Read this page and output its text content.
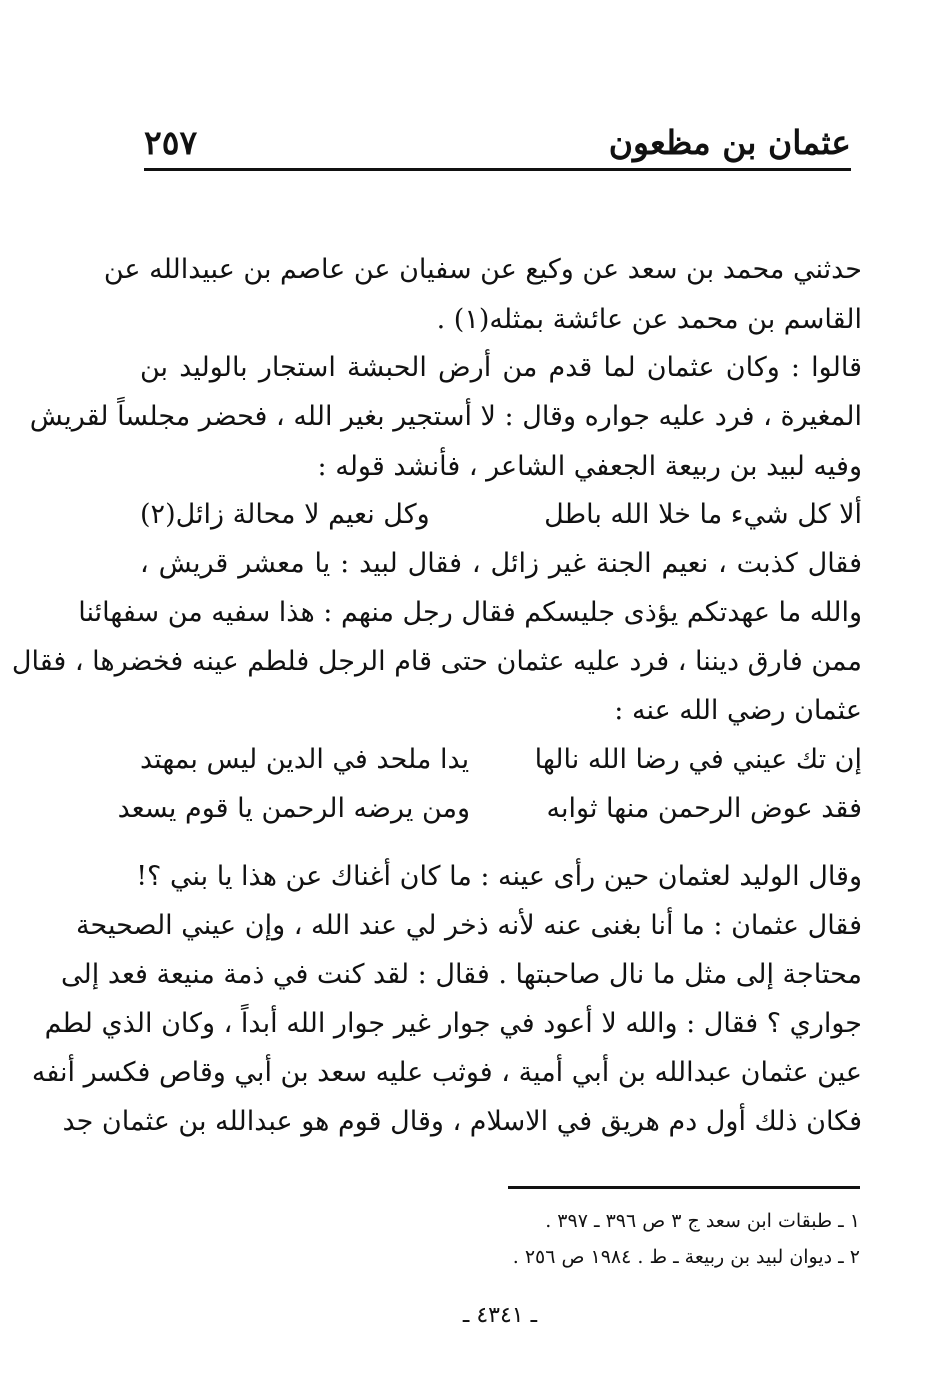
عثمان بن مظعون
٢٥٧
حدثني محمد بن سعد عن وكيع عن سفيان عن عاصم بن عبيدالله عن
القاسم بن محمد عن عائشة بمثله(١) .
قالوا : وكان عثمان لما قدم من أرض الحبشة استجار بالوليد بن
المغيرة ، فرد عليه جواره وقال : لا أستجير بغير الله ، فحضر مجلساً لقريش
وفيه لبيد بن ربيعة الجعفي الشاعر ، فأنشد قوله :
ألا كل شيء ما خلا الله باطل
وكل نعيم لا محالة زائل(٢)
فقال كذبت ، نعيم الجنة غير زائل ، فقال لبيد : يا معشر قريش ،
والله ما عهدتكم يؤذى جليسكم فقال رجل منهم : هذا سفيه من سفهائنا
ممن فارق ديننا ، فرد عليه عثمان حتى قام الرجل فلطم عينه فخضرها ، فقال
عثمان رضي الله عنه :
إن تك عيني في رضا الله نالها
يدا ملحد في الدين ليس بمهتد
فقد عوض الرحمن منها ثوابه
ومن يرضه الرحمن يا قوم يسعد
وقال الوليد لعثمان حين رأى عينه : ما كان أغناك عن هذا يا بني ؟!
فقال عثمان : ما أنا بغنى عنه لأنه ذخر لي عند الله ، وإن عيني الصحيحة
محتاجة إلى مثل ما نال صاحبتها . فقال : لقد كنت في ذمة منيعة فعد إلى
جواري ؟ فقال : والله لا أعود في جوار غير جوار الله أبداً ، وكان الذي لطم
عين عثمان عبدالله بن أبي أمية ، فوثب عليه سعد بن أبي وقاص فكسر أنفه
فكان ذلك أول دم هريق في الاسلام ، وقال قوم هو عبدالله بن عثمان جد
١ ـ طبقات ابن سعد ج ٣ ص ٣٩٦ ـ ٣٩٧ .
٢ ـ ديوان لبيد بن ربيعة ـ ط . ١٩٨٤ ص ٢٥٦ .
ـ ٤٣٤١ ـ
